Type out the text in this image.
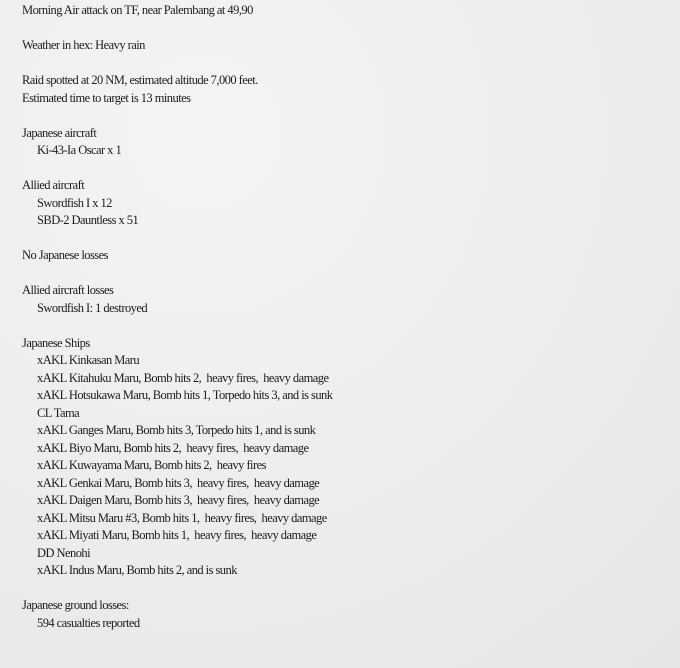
Morning Air attack on TF, near Palembang at 49,90
Weather in hex: Heavy rain
Raid spotted at 20 NM, estimated altitude 7,000 feet.
Estimated time to target is 13 minutes
Japanese aircraft
Ki-43-Ia Oscar x 1
Allied aircraft
Swordfish I x 12
SBD-2 Dauntless x 51
No Japanese losses
Allied aircraft losses
Swordfish I: 1 destroyed
Japanese Ships
xAKL Kinkasan Maru
xAKL Kitahuku Maru, Bomb hits 2,  heavy fires,  heavy damage
xAKL Hotsukawa Maru, Bomb hits 1, Torpedo hits 3, and is sunk
CL Tama
xAKL Ganges Maru, Bomb hits 3, Torpedo hits 1, and is sunk
xAKL Biyo Maru, Bomb hits 2,  heavy fires,  heavy damage
xAKL Kuwayama Maru, Bomb hits 2,  heavy fires
xAKL Genkai Maru, Bomb hits 3,  heavy fires,  heavy damage
xAKL Daigen Maru, Bomb hits 3,  heavy fires,  heavy damage
xAKL Mitsu Maru #3, Bomb hits 1,  heavy fires,  heavy damage
xAKL Miyati Maru, Bomb hits 1,  heavy fires,  heavy damage
DD Nenohi
xAKL Indus Maru, Bomb hits 2, and is sunk
Japanese ground losses:
594 casualties reported
